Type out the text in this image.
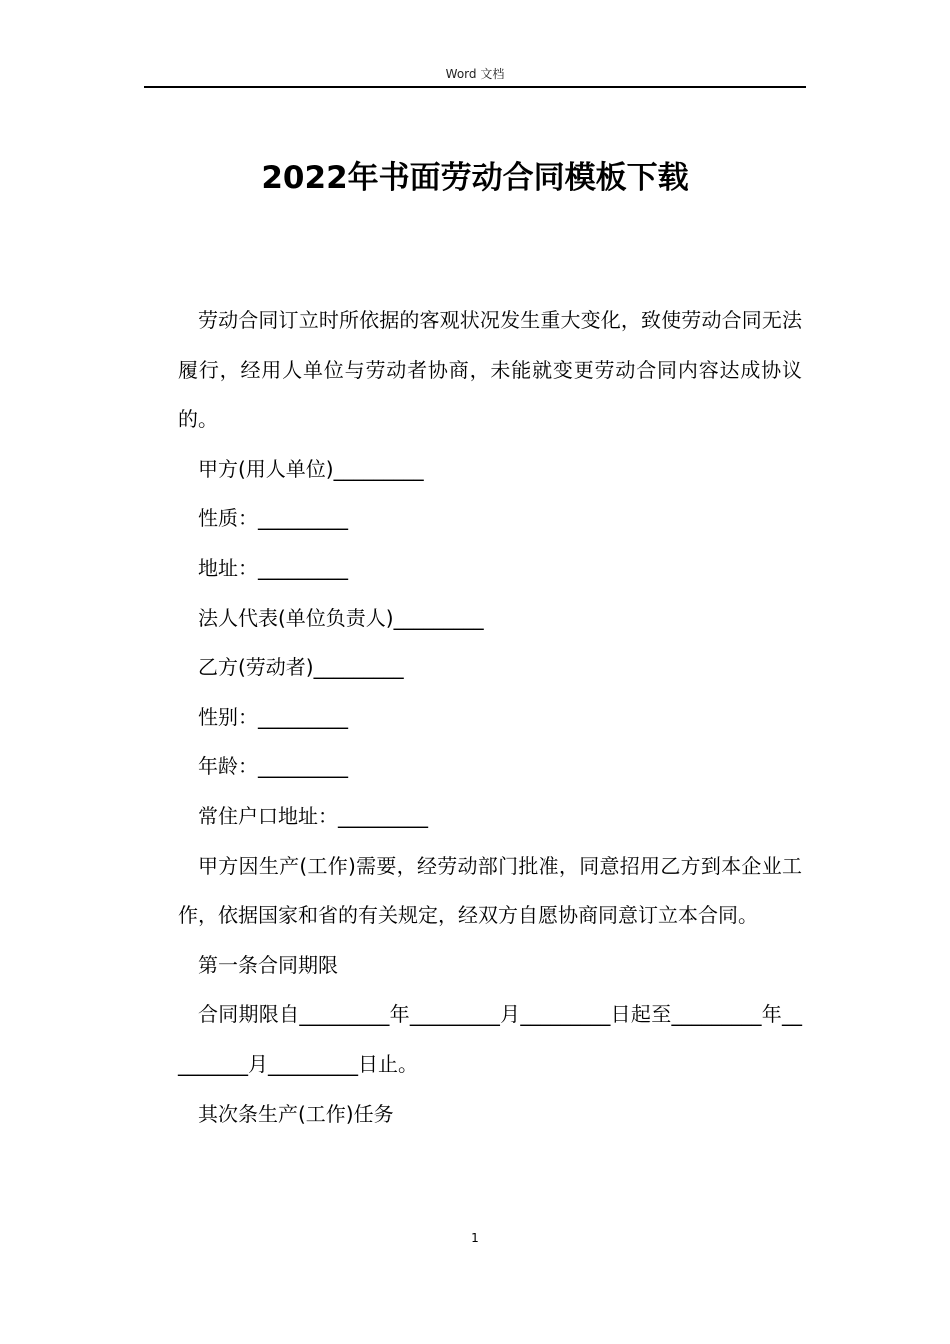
Word 文档
2022年书面劳动合同模板下载

劳动合同订立时所依据的客观状况发生重大变化，致使劳动合同无法履行，经用人单位与劳动者协商，未能就变更劳动合同内容达成协议的。

甲方(用人单位)_________

性质：_________

地址：_________

法人代表(单位负责人)_________

乙方(劳动者)_________

性别：_________

年龄：_________

常住户口地址：_________

甲方因生产(工作)需要，经劳动部门批准，同意招用乙方到本企业工作，依据国家和省的有关规定，经双方自愿协商同意订立本合同。

第一条合同期限

合同期限自_________年_________月_________日起至_________年_________月_________日止。

其次条生产(工作)任务

1
